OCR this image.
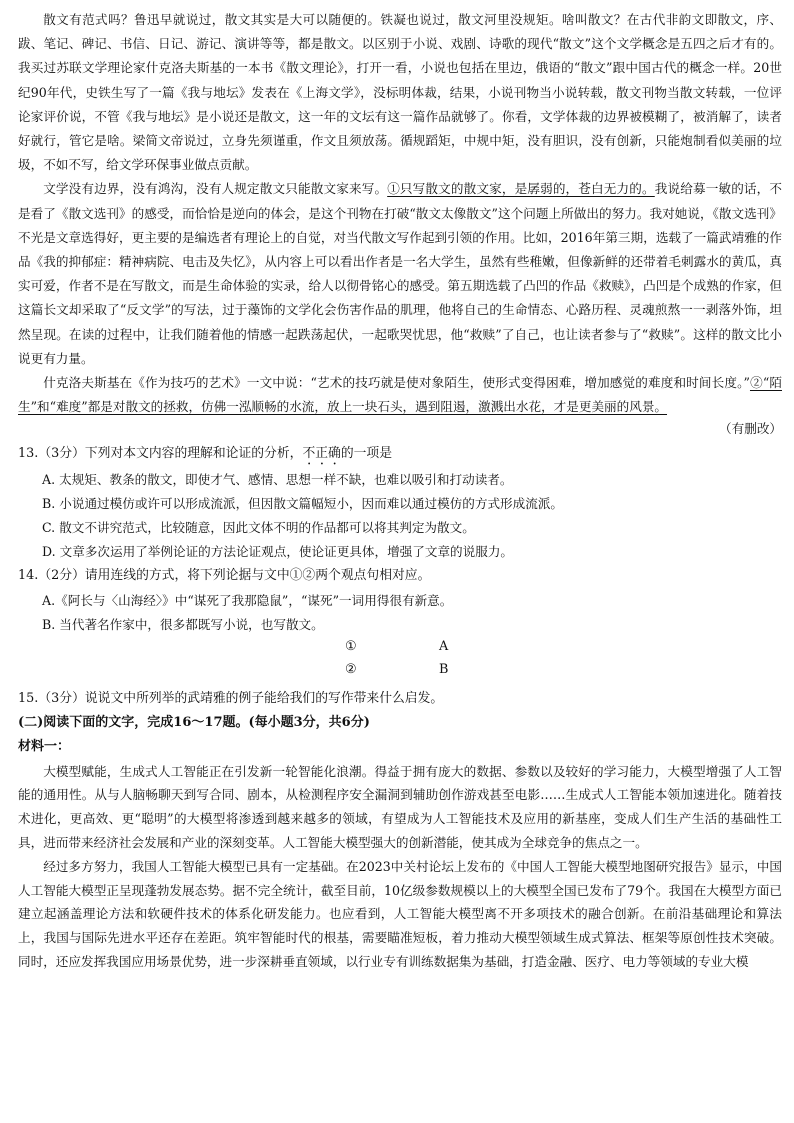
散文有范式吗？鲁迅早就说过，散文其实是大可以随便的。铁凝也说过，散文河里没规矩。啥叫散文？在古代非韵文即散文，序、跋、笔记、碑记、书信、日记、游记、演讲等等，都是散文。以区别于小说、戏剧、诗歌的现代“散文”这个文学概念是五四之后才有的。我买过苏联文学理论家什克洛夫斯基的一本书《散文理论》，打开一看，小说也包括在里边，俄语的“散文”跟中国古代的概念一样。20世纪90年代，史铁生写了一篇《我与地坛》发表在《上海文学》，没标明体裁，结果，小说刊物当小说转载，散文刊物当散文转载，一位评论家评价说，不管《我与地坛》是小说还是散文，这一年的文坛有这一篇作品就够了。你看，文学体裁的边界被模糊了，被消解了，读者好就行，管它是啥。梁简文帝说过，立身先须谨重，作文且须放荡。循规蹈矩，中规中矩，没有胆识，没有创新，只能炮制看似美丽的垃圾，不如不写，给文学环保事业做点贡献。

文学没有边界，没有鸿沟，没有人规定散文只能散文家来写。①只写散文的散文家，是孱弱的，苍白无力的。我说给募一敏的话，不是看了《散文选刊》的感受，而恰恰是逆向的体会，是这个刊物在打破“散文太像散文”这个问题上所做出的努力。我对她说，《散文选刊》不光是文章选得好，更主要的是编选者有理论上的自觉，对当代散文写作起到引领的作用。比如，2016年第三期，选载了一篇武靖雅的作品《我的抑郁症：精神病院、电击及失忆》，从内容上可以看出作者是一名大学生，虽然有些稚嫩，但像新鲜的还带着毛刺露水的黄瓜，真实可爱，作者不是在写散文，而是生命体验的实录，给人以彻骨铭心的感受。第五期选载了凸凹的作品《救赎》，凸凹是个成熟的作家，但这篇长文却采取了“反文学”的写法，过于藻饰的文学化会伤害作品的肌理，他将自己的生命情态、心路历程、灵魂煎熬一一剥落外饰，坦然呈现。在读的过程中，让我们随着他的情感一起跌荡起伏，一起歌哭忧思，他“救赎”了自己，也让读者参与了“救赎”。这样的散文比小说更有力量。

什克洛夫斯基在《作为技巧的艺术》一文中说：“艺术的技巧就是使对象陌生，使形式变得困难，增加感觉的难度和时间长度。”②“陌生”和“难度”都是对散文的拯救，仿佛一泓顺畅的水流，放上一块石头，遇到阻遏，激溅出水花，才是更美丽的风景。
（有删改）

13.（3分）下列对本文内容的理解和论证的分析，不正确的一项是

A. 太规矩、教条的散文，即使才气、感情、思想一样不缺，也难以吸引和打动读者。

B. 小说通过模仿或许可以形成流派，但因散文篇幅短小，因而难以通过模仿的方式形成流派。

C. 散文不讲究范式，比较随意，因此文体不明的作品都可以将其判定为散文。

D. 文章多次运用了举例论证的方法论证观点，使论证更具体，增强了文章的说服力。

14.（2分）请用连线的方式，将下列论据与文中①②两个观点句相对应。

A.《阿长与〈山海经〉》中“谋死了我那隐鼠”，“谋死”一词用得很有新意。

B. 当代著名作家中，很多都既写小说，也写散文。

①	A
②	B

15.（3分）说说文中所列举的武靖雅的例子能给我们的写作带来什么启发。

(二)阅读下面的文字，完成16～17题。(每小题3分，共6分)

材料一：

大模型赋能，生成式人工智能正在引发新一轮智能化浪潮。得益于拥有庞大的数据、参数以及较好的学习能力，大模型增强了人工智能的通用性。从与人脑畅聊天到写合同、剧本，从检测程序安全漏洞到辅助创作游戏甚至电影……生成式人工智能本领加速进化。随着技术进化，更高效、更“聪明”的大模型将渗透到越来越多的领域，有望成为人工智能技术及应用的新基座，变成人们生产生活的基础性工具，进而带来经济社会发展和产业的深刻变革。人工智能大模型强大的创新潜能，使其成为全球竞争的焦点之一。

经过多方努力，我国人工智能大模型已具有一定基础。在2023中关村论坛上发布的《中国人工智能大模型地图研究报告》显示，中国人工智能大模型正呈现蓬勃发展态势。据不完全统计，截至目前，10亿级参数规模以上的大模型全国已发布了79个。我国在大模型方面已建立起涵盖理论方法和软硬件技术的体系化研发能力。也应看到，人工智能大模型离不开多项技术的融合创新。在前沿基础理论和算法上，我国与国际先进水平还存在差距。筑牢智能时代的根基，需要瞄准短板，着力推动大模型领域生成式算法、框架等原创性技术突破。同时，还应发挥我国应用场景优势，进一步深耕垂直领域，以行业专有训练数据集为基础，打造金融、医疗、电力等领域的专业大模
